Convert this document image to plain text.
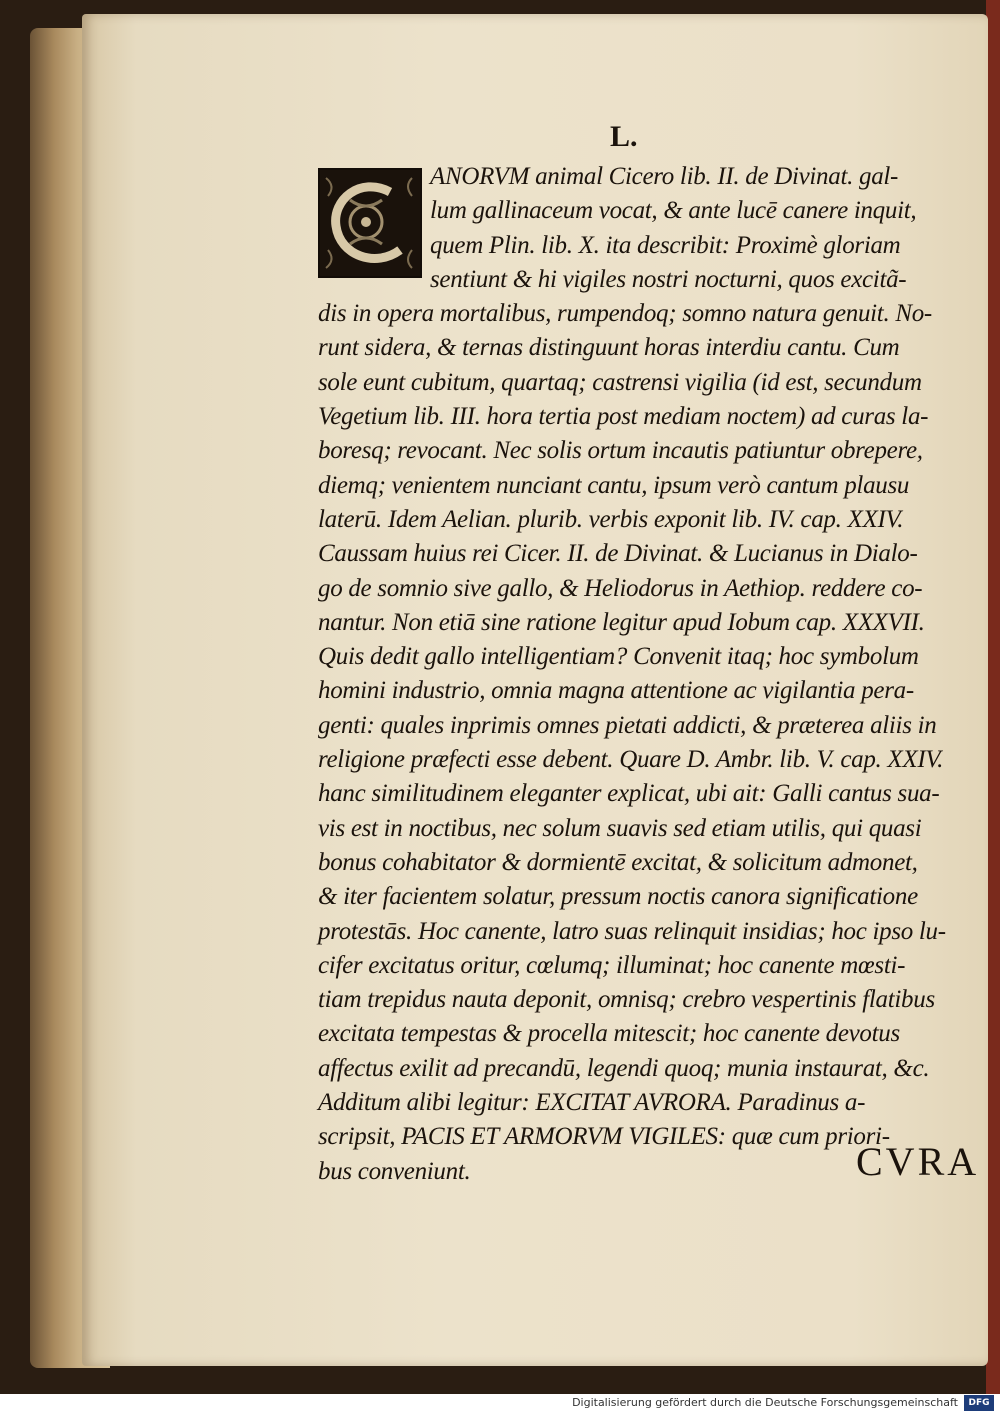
L.
ANORVM animal Cicero lib. II. de Divinat. gal-
lum gallinaceum vocat, & ante lucē canere inquit,
quem Plin. lib. X. ita describit: Proximè gloriam
sentiunt & hi vigiles nostri nocturni, quos excitã-
dis in opera mortalibus, rumpendoq; somno natura genuit. No-
runt sidera, & ternas distinguunt horas interdiu cantu. Cum
sole eunt cubitum, quartaq; castrensi vigilia (id est, secundum
Vegetium lib. III. hora tertia post mediam noctem) ad curas la-
boresq; revocant. Nec solis ortum incautis patiuntur obrepere,
diemq; venientem nunciant cantu, ipsum verò cantum plausu
laterū. Idem Aelian. plurib. verbis exponit lib. IV. cap. XXIV.
Caussam huius rei Cicer. II. de Divinat. & Lucianus in Dialo-
go de somnio sive gallo, & Heliodorus in Aethiop. reddere co-
nantur. Non etiā sine ratione legitur apud Iobum cap. XXXVII.
Quis dedit gallo intelligentiam? Convenit itaq; hoc symbolum
homini industrio, omnia magna attentione ac vigilantia pera-
genti: quales inprimis omnes pietati addicti, & præterea aliis in
religione præfecti esse debent. Quare D. Ambr. lib. V. cap. XXIV.
hanc similitudinem eleganter explicat, ubi ait: Galli cantus sua-
vis est in noctibus, nec solum suavis sed etiam utilis, qui quasi
bonus cohabitator & dormientē excitat, & solicitum admonet,
& iter facientem solatur, pressum noctis canora significatione
protestās. Hoc canente, latro suas relinquit insidias; hoc ipso lu-
cifer excitatus oritur, cœlumq; illuminat; hoc canente mœsti-
tiam trepidus nauta deponit, omnisq; crebro vespertinis flatibus
excitata tempestas & procella mitescit; hoc canente devotus
affectus exilit ad precandū, legendi quoq; munia instaurat, &c.
Additum alibi legitur: EXCITAT AVRORA. Paradinus a-
scripsit, PACIS ET ARMORVM VIGILES: quæ cum priori-
bus conveniunt.	CVRA
Digitalisierung gefördert durch die Deutsche Forschungsgemeinschaft	DFG
